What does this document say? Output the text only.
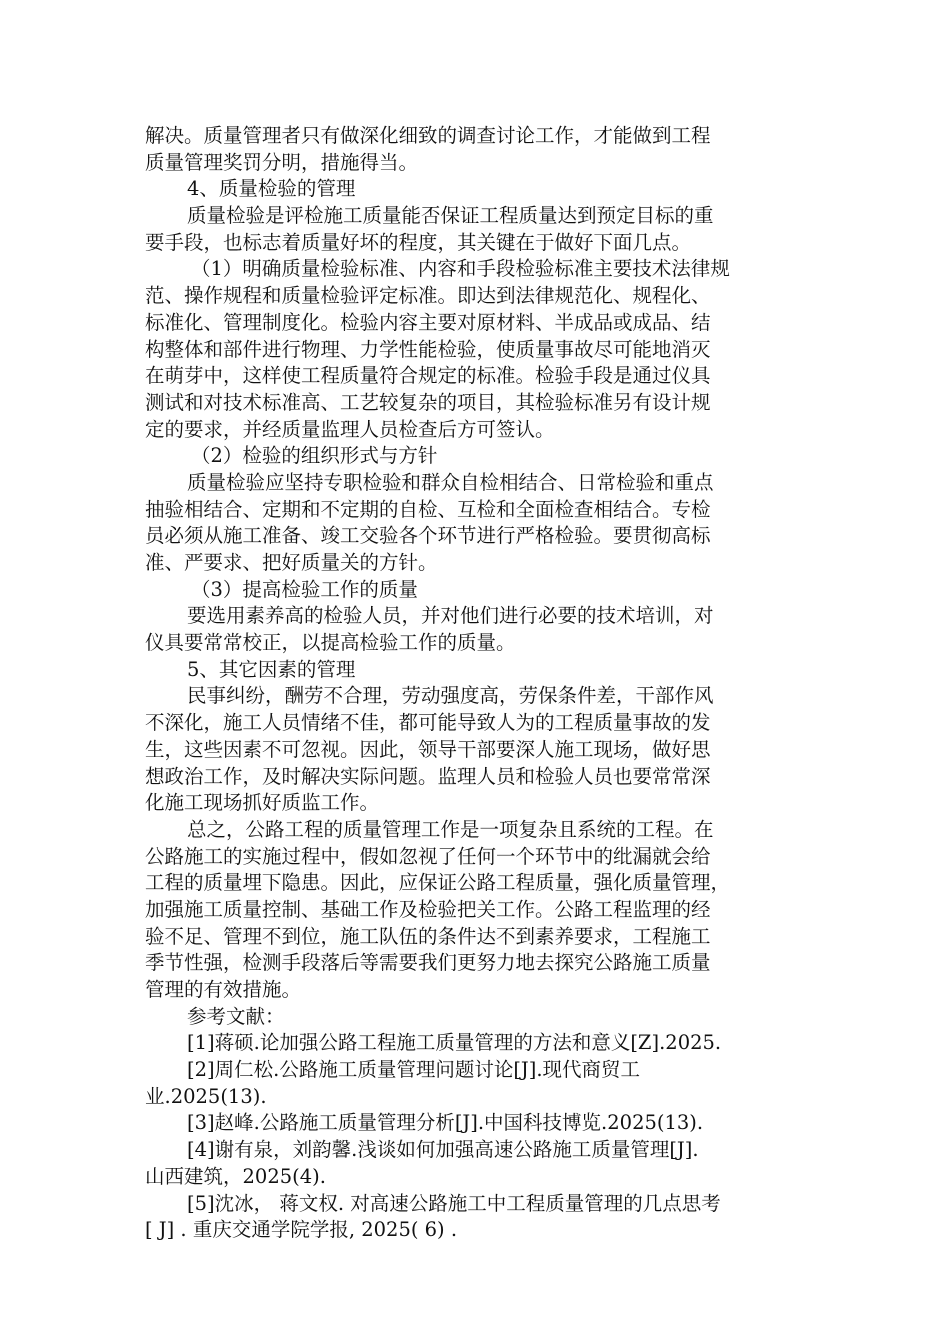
解决。质量管理者只有做深化细致的调查讨论工作，才能做到工程
质量管理奖罚分明，措施得当。
4、质量检验的管理
质量检验是评检施工质量能否保证工程质量达到预定目标的重
要手段，也标志着质量好坏的程度，其关键在于做好下面几点。
（1）明确质量检验标准、内容和手段检验标准主要技术法律规
范、操作规程和质量检验评定标准。即达到法律规范化、规程化、
标准化、管理制度化。检验内容主要对原材料、半成品或成品、结
构整体和部件进行物理、力学性能检验，使质量事故尽可能地消灭
在萌芽中，这样使工程质量符合规定的标准。检验手段是通过仪具
测试和对技术标准高、工艺较复杂的项目，其检验标准另有设计规
定的要求，并经质量监理人员检查后方可签认。
（2）检验的组织形式与方针
质量检验应坚持专职检验和群众自检相结合、日常检验和重点
抽验相结合、定期和不定期的自检、互检和全面检查相结合。专检
员必须从施工准备、竣工交验各个环节进行严格检验。要贯彻高标
准、严要求、把好质量关的方针。
（3）提高检验工作的质量
要选用素养高的检验人员，并对他们进行必要的技术培训，对
仪具要常常校正，以提高检验工作的质量。
5、其它因素的管理
民事纠纷，酬劳不合理，劳动强度高，劳保条件差，干部作风
不深化，施工人员情绪不佳，都可能导致人为的工程质量事故的发
生，这些因素不可忽视。因此，领导干部要深人施工现场，做好思
想政治工作，及时解决实际问题。监理人员和检验人员也要常常深
化施工现场抓好质监工作。
总之，公路工程的质量管理工作是一项复杂且系统的工程。在
公路施工的实施过程中，假如忽视了任何一个环节中的纰漏就会给
工程的质量埋下隐患。因此，应保证公路工程质量，强化质量管理，
加强施工质量控制、基础工作及检验把关工作。公路工程监理的经
验不足、管理不到位，施工队伍的条件达不到素养要求，工程施工
季节性强，检测手段落后等需要我们更努力地去探究公路施工质量
管理的有效措施。
参考文献：
[1]蒋硕.论加强公路工程施工质量管理的方法和意义[Z].2025.
[2]周仁松.公路施工质量管理问题讨论[J].现代商贸工
业.2025(13).
[3]赵峰.公路施工质量管理分析[J].中国科技博览.2025(13).
[4]谢有泉，刘韵馨.浅谈如何加强高速公路施工质量管理[J].
山西建筑，2025(4).
[5]沈冰， 蒋文权. 对高速公路施工中工程质量管理的几点思考
[ J] . 重庆交通学院学报, 2025( 6) .
